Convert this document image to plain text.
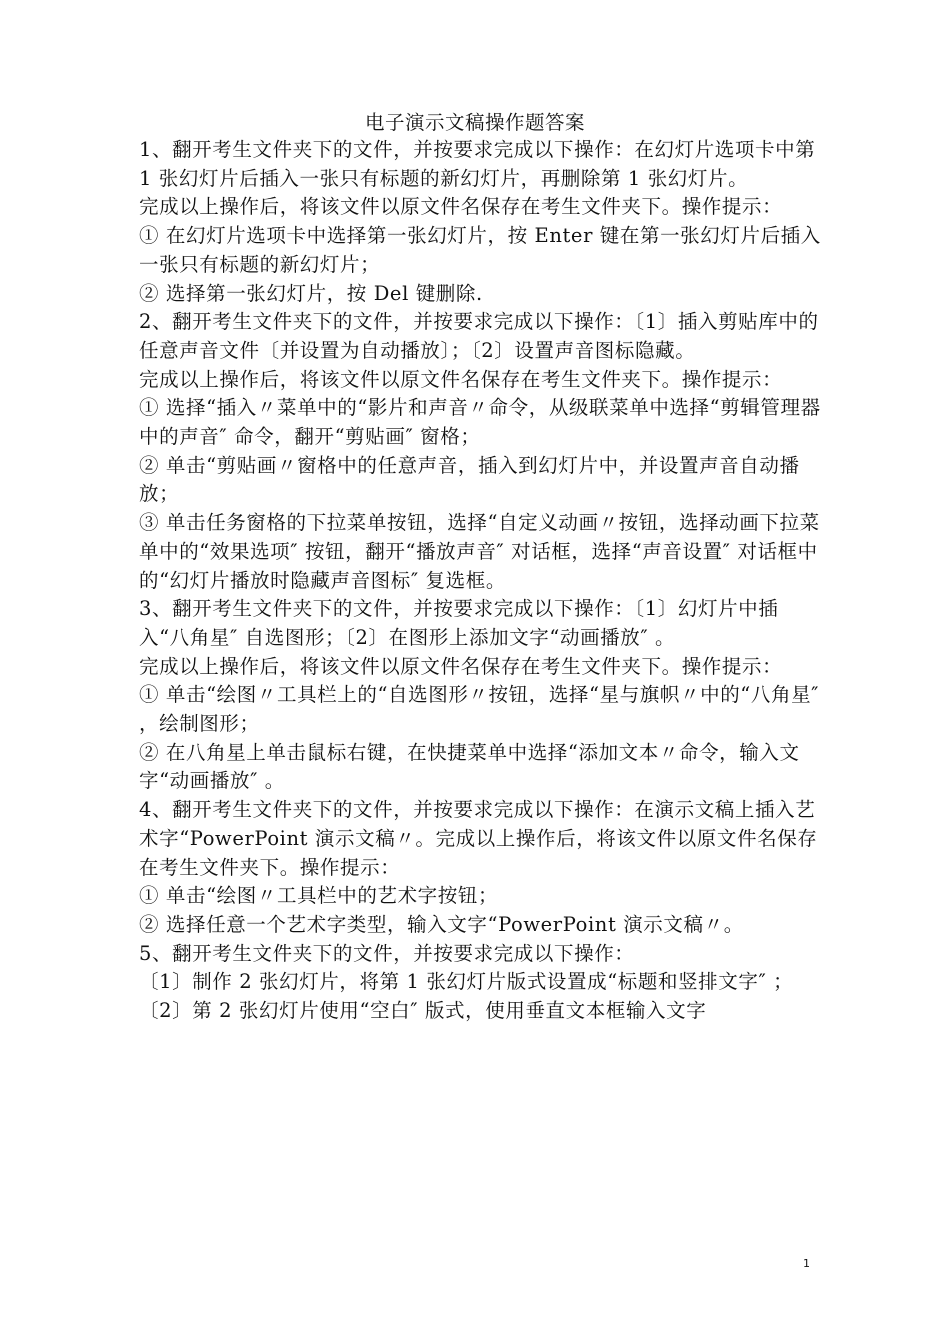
电子演示文稿操作题答案

1、翻开考生文件夹下的文件，并按要求完成以下操作：在幻灯片选项卡中第 1 张幻灯片后插入一张只有标题的新幻灯片，再删除第 1 张幻灯片。

完成以上操作后，将该文件以原文件名保存在考生文件夹下。操作提示：

① 在幻灯片选项卡中选择第一张幻灯片，按 Enter 键在第一张幻灯片后插入一张只有标题的新幻灯片；

② 选择第一张幻灯片，按 Del 键删除.

2、翻开考生文件夹下的文件，并按要求完成以下操作：〔1〕插入剪贴库中的任意声音文件〔并设置为自动播放〕；〔2〕设置声音图标隐藏。

完成以上操作后，将该文件以原文件名保存在考生文件夹下。操作提示：

① 选择“插入〃菜单中的“影片和声音〃命令，从级联菜单中选择“剪辑管理器中的声音″ 命令，翻开“剪贴画″ 窗格；

② 单击“剪贴画〃窗格中的任意声音，插入到幻灯片中，并设置声音自动播放；

③ 单击任务窗格的下拉菜单按钮，选择“自定义动画〃按钮，选择动画下拉菜单中的“效果选项″ 按钮，翻开“播放声音″ 对话框，选择“声音设置″ 对话框中的“幻灯片播放时隐藏声音图标″ 复选框。

3、翻开考生文件夹下的文件，并按要求完成以下操作：〔1〕幻灯片中插入“八角星″ 自选图形；〔2〕在图形上添加文字“动画播放″ 。

完成以上操作后，将该文件以原文件名保存在考生文件夹下。操作提示：

① 单击“绘图〃工具栏上的“自选图形〃按钮，选择“星与旗帜〃中的“八角星″ ，绘制图形；

② 在八角星上单击鼠标右键，在快捷菜单中选择“添加文本〃命令，输入文字“动画播放″ 。

4、翻开考生文件夹下的文件，并按要求完成以下操作：在演示文稿上插入艺术字“PowerPoint 演示文稿〃。完成以上操作后，将该文件以原文件名保存在考生文件夹下。操作提示：

① 单击“绘图〃工具栏中的艺术字按钮；

② 选择任意一个艺术字类型，输入文字“PowerPoint 演示文稿〃。

5、翻开考生文件夹下的文件，并按要求完成以下操作：

〔1〕制作 2 张幻灯片，将第 1 张幻灯片版式设置成“标题和竖排文字″ ；

〔2〕第 2 张幻灯片使用“空白″ 版式，使用垂直文本框输入文字

1
